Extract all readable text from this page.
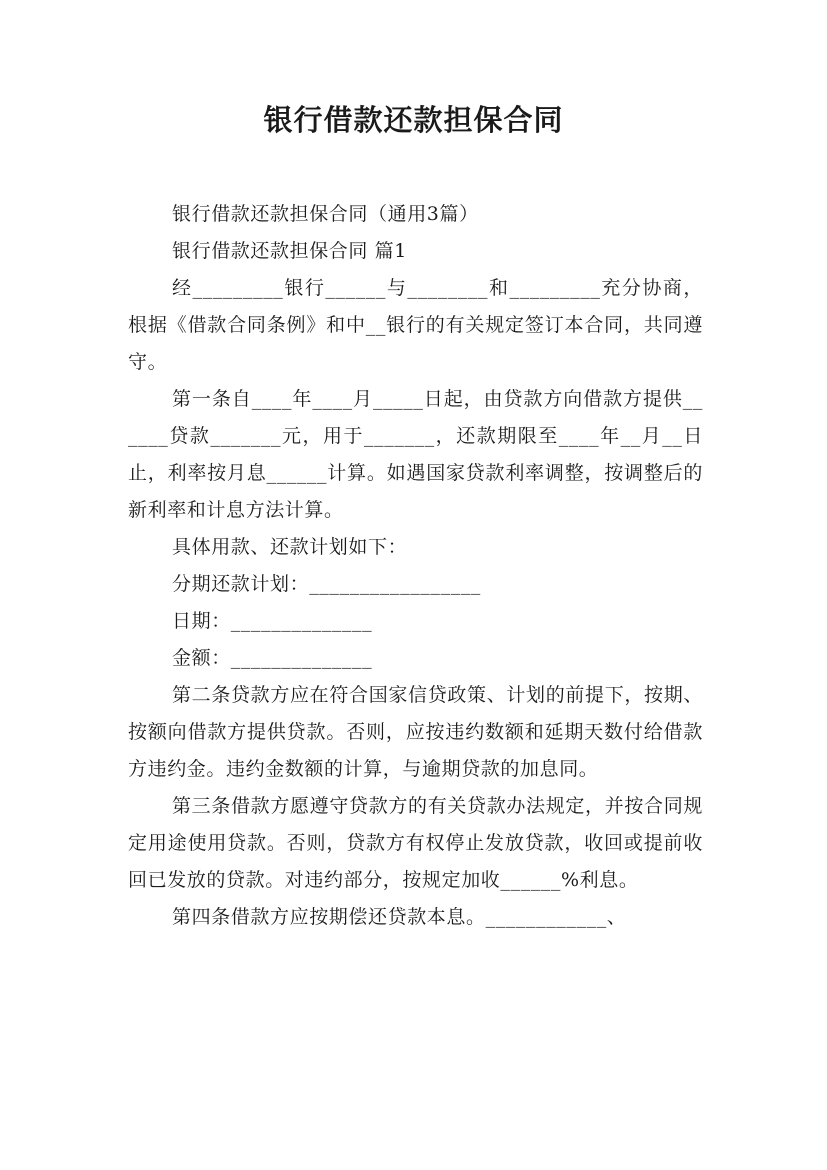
银行借款还款担保合同

银行借款还款担保合同（通用3篇）

银行借款还款担保合同 篇1

经_________银行______与________和_________充分协商，根据《借款合同条例》和中__银行的有关规定签订本合同，共同遵守。

第一条自____年____月_____日起，由贷款方向借款方提供______贷款_______元，用于_______，还款期限至____年__月__日止，利率按月息______计算。如遇国家贷款利率调整，按调整后的新利率和计息方法计算。

具体用款、还款计划如下：

分期还款计划：_________________

日期：______________

金额：______________

第二条贷款方应在符合国家信贷政策、计划的前提下，按期、按额向借款方提供贷款。否则，应按违约数额和延期天数付给借款方违约金。违约金数额的计算，与逾期贷款的加息同。

第三条借款方愿遵守贷款方的有关贷款办法规定，并按合同规定用途使用贷款。否则，贷款方有权停止发放贷款，收回或提前收回已发放的贷款。对违约部分，按规定加收______%利息。

第四条借款方应按期偿还贷款本息。____________、
